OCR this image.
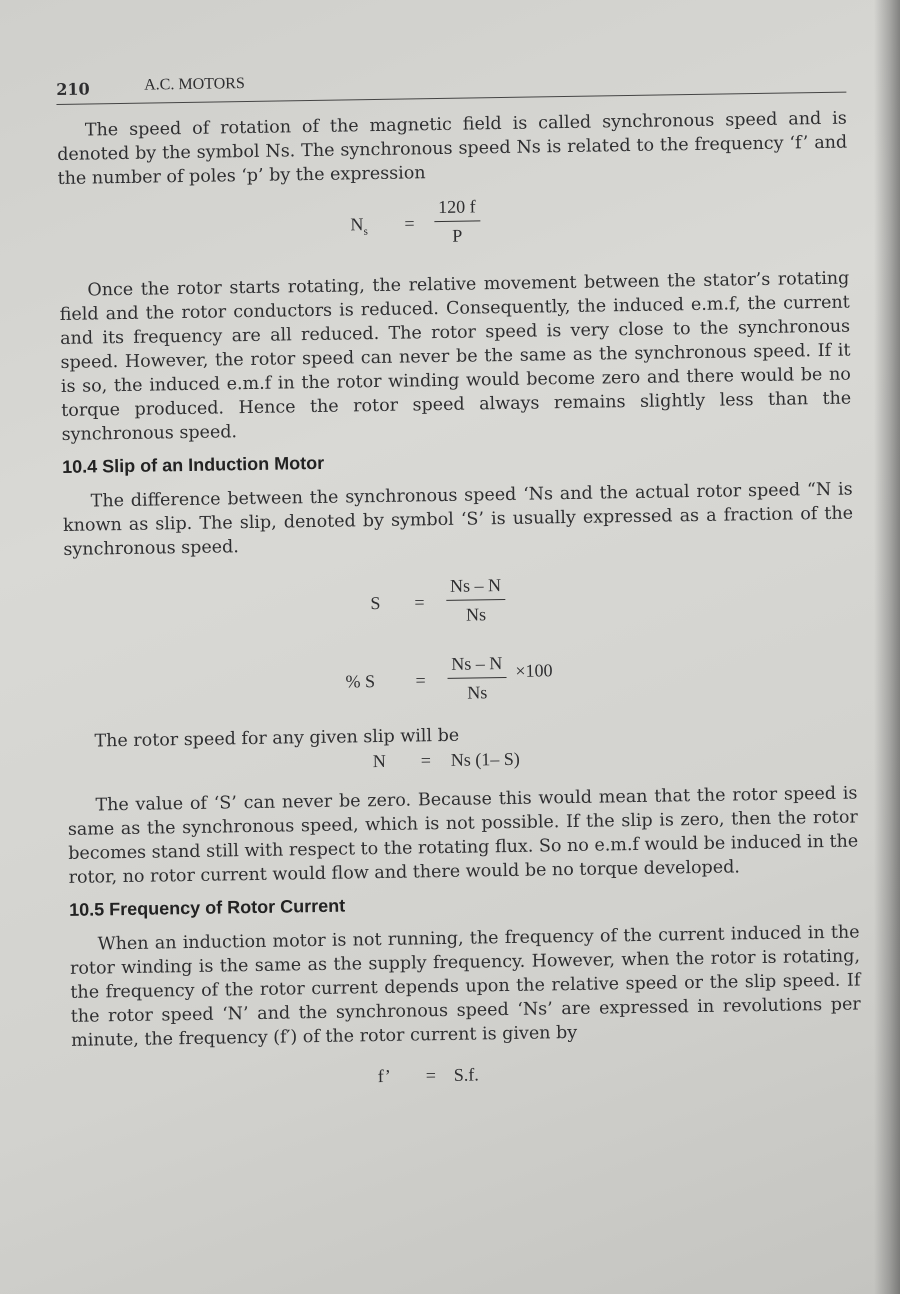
210	A.C. MOTORS

The speed of rotation of the magnetic field is called synchronous speed and is denoted by the symbol Ns. The synchronous speed Ns is related to the frequency ‘f’ and the number of poles ‘p’ by the expression

$N_s = \frac{120 f}{P}$

Once the rotor starts rotating, the relative movement between the stator’s rotating field and the rotor conductors is reduced. Consequently, the induced e.m.f, the current and its frequency are all reduced. The rotor speed is very close to the synchronous speed. However, the rotor speed can never be the same as the synchronous speed. If it is so, the induced e.m.f in the rotor winding would become zero and there would be no torque produced. Hence the rotor speed always remains slightly less than the synchronous speed.

10.4 Slip of an Induction Motor

The difference between the synchronous speed ‘Ns and the actual rotor speed “N is known as slip. The slip, denoted by symbol ‘S’ is usually expressed as a fraction of the synchronous speed.

$S = \frac{Ns - N}{Ns}$
% $S = \frac{Ns - N}{Ns} \times 100$

The rotor speed for any given slip will be

N = Ns (1– S)

The value of ‘S’ can never be zero. Because this would mean that the rotor speed is same as the synchronous speed, which is not possible. If the slip is zero, then the rotor becomes stand still with respect to the rotating flux. So no e.m.f would be induced in the rotor, no rotor current would flow and there would be no torque developed.

10.5 Frequency of Rotor Current

When an induction motor is not running, the frequency of the current induced in the rotor winding is the same as the supply frequency. However, when the rotor is rotating, the frequency of the rotor current depends upon the relative speed or the slip speed. If the rotor speed ‘N’ and the synchronous speed ‘Ns’ are expressed in revolutions per minute, the frequency (f′) of the rotor current is given by

f’ = S.f.
